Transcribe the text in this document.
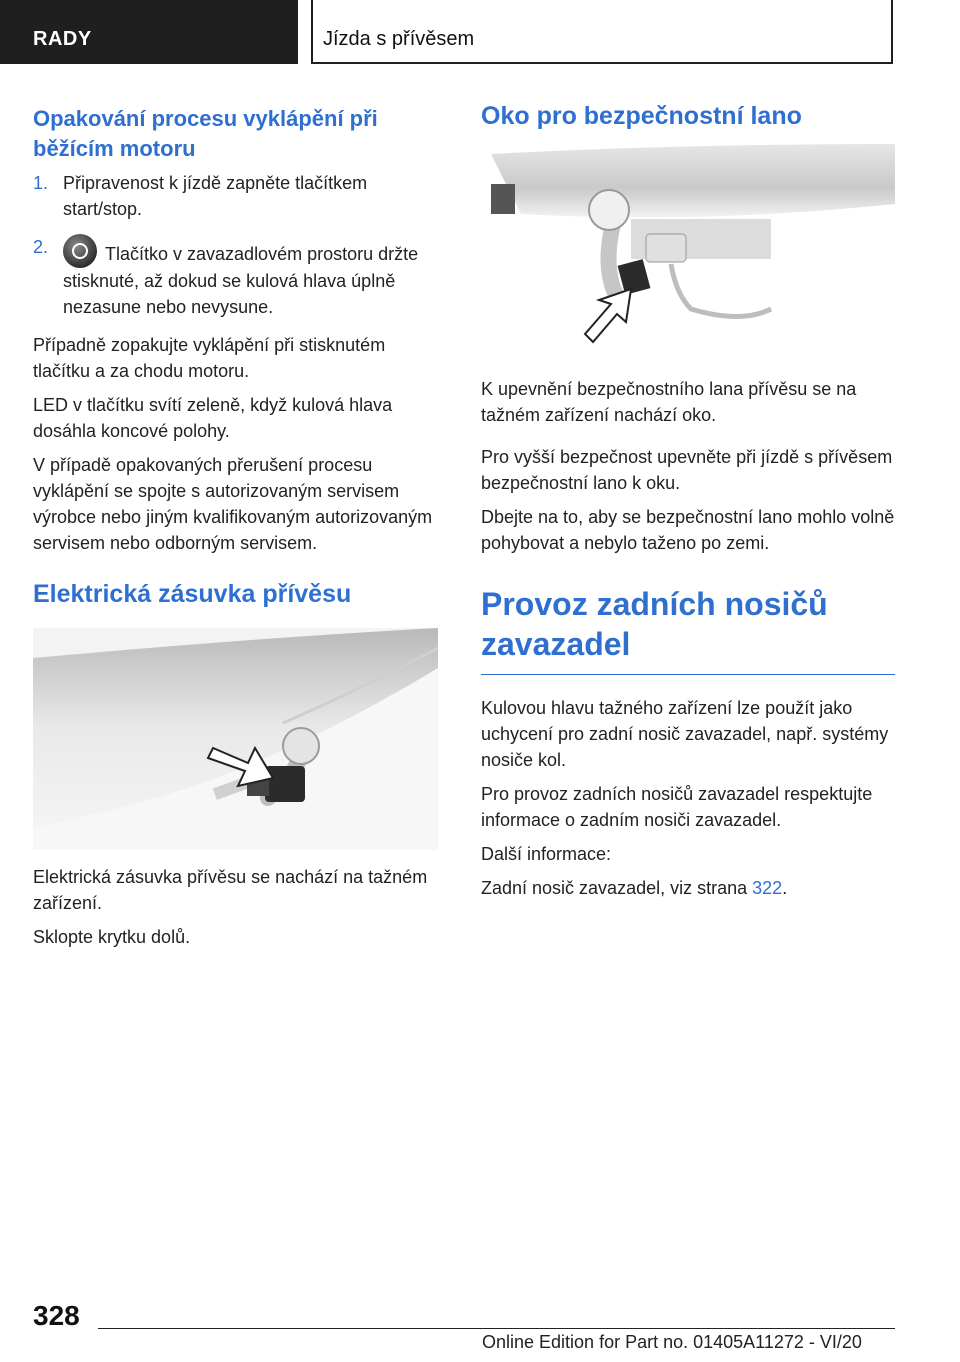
RADY	Jízda s přívěsem
Opakování procesu vyklápění při běžícím motoru
1. Připravenost k jízdě zapněte tlačítkem start/stop.
2.	Tlačítko v zavazadlovém prostoru držte stisknuté, až dokud se kulová hlava úplně nezasune nebo nevysune.

Případně zopakujte vyklápění při stisknutém tlačítku a za chodu motoru.

LED v tlačítku svítí zeleně, když kulová hlava dosáhla koncové polohy.

V případě opakovaných přerušení procesu vyklápění se spojte s autorizovaným servisem výrobce nebo jiným kvalifikovaným autorizovaným servisem nebo odborným servisem.

Elektrická zásuvka přívěsu

Elektrická zásuvka přívěsu se nachází na tažném zařízení.

Sklopte krytku dolů.

Oko pro bezpečnostní lano

K upevnění bezpečnostního lana přívěsu se na tažném zařízení nachází oko.

Pro vyšší bezpečnost upevněte při jízdě s přívěsem bezpečnostní lano k oku.

Dbejte na to, aby se bezpečnostní lano mohlo volně pohybovat a nebylo taženo po zemi.

Provoz zadních nosičů zavazadel

Kulovou hlavu tažného zařízení lze použít jako uchycení pro zadní nosič zavazadel, např. systémy nosiče kol.

Pro provoz zadních nosičů zavazadel respektujte informace o zadním nosiči zavazadel.

Další informace:

Zadní nosič zavazadel, viz strana 322.

328
Online Edition for Part no. 01405A11272 - VI/20
